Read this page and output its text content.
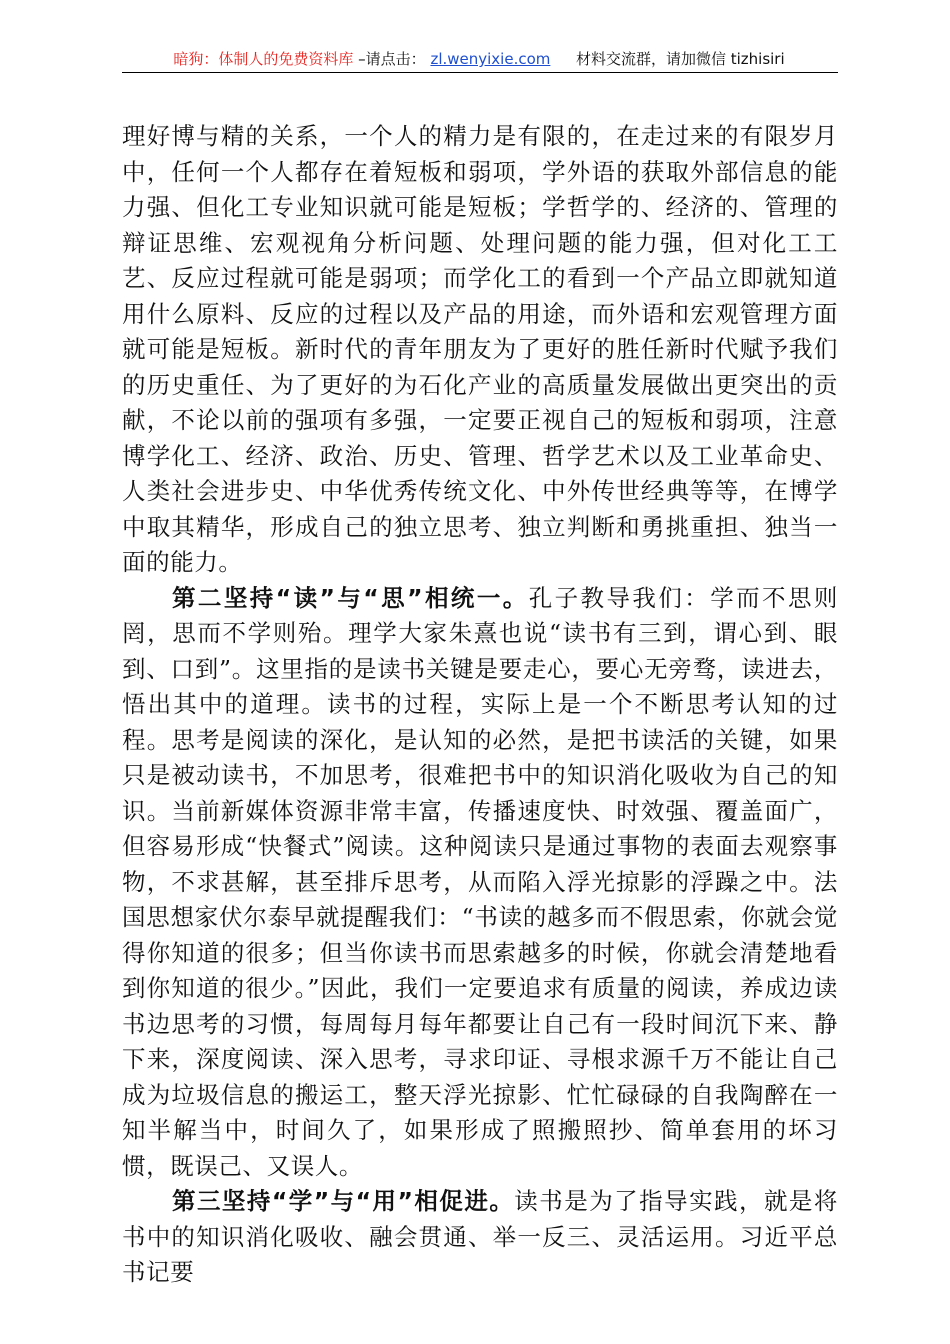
暗狗：体制人的免费资料库 –请点击： zl.wenyixie.com 材料交流群，请加微信 tizhisiri

理好博与精的关系，一个人的精力是有限的，在走过来的有限岁月中，任何一个人都存在着短板和弱项，学外语的获取外部信息的能力强、但化工专业知识就可能是短板；学哲学的、经济的、管理的辩证思维、宏观视角分析问题、处理问题的能力强，但对化工工艺、反应过程就可能是弱项；而学化工的看到一个产品立即就知道用什么原料、反应的过程以及产品的用途，而外语和宏观管理方面就可能是短板。新时代的青年朋友为了更好的胜任新时代赋予我们的历史重任、为了更好的为石化产业的高质量发展做出更突出的贡献，不论以前的强项有多强，一定要正视自己的短板和弱项，注意博学化工、经济、政治、历史、管理、哲学艺术以及工业革命史、人类社会进步史、中华优秀传统文化、中外传世经典等等，在博学中取其精华，形成自己的独立思考、独立判断和勇挑重担、独当一面的能力。

第二坚持“读”与“思”相统一。孔子教导我们：学而不思则罔，思而不学则殆。理学大家朱熹也说“读书有三到，谓心到、眼到、口到”。这里指的是读书关键是要走心，要心无旁骛，读进去，悟出其中的道理。读书的过程，实际上是一个不断思考认知的过程。思考是阅读的深化，是认知的必然，是把书读活的关键，如果只是被动读书，不加思考，很难把书中的知识消化吸收为自己的知识。当前新媒体资源非常丰富，传播速度快、时效强、覆盖面广，但容易形成“快餐式”阅读。这种阅读只是通过事物的表面去观察事物，不求甚解，甚至排斥思考，从而陷入浮光掠影的浮躁之中。法国思想家伏尔泰早就提醒我们：“书读的越多而不假思索，你就会觉得你知道的很多；但当你读书而思索越多的时候，你就会清楚地看到你知道的很少。”因此，我们一定要追求有质量的阅读，养成边读书边思考的习惯，每周每月每年都要让自己有一段时间沉下来、静下来，深度阅读、深入思考，寻求印证、寻根求源千万不能让自己成为垃圾信息的搬运工，整天浮光掠影、忙忙碌碌的自我陶醉在一知半解当中，时间久了，如果形成了照搬照抄、简单套用的坏习惯，既误己、又误人。

第三坚持“学”与“用”相促进。读书是为了指导实践，就是将书中的知识消化吸收、融会贯通、举一反三、灵活运用。习近平总书记要
